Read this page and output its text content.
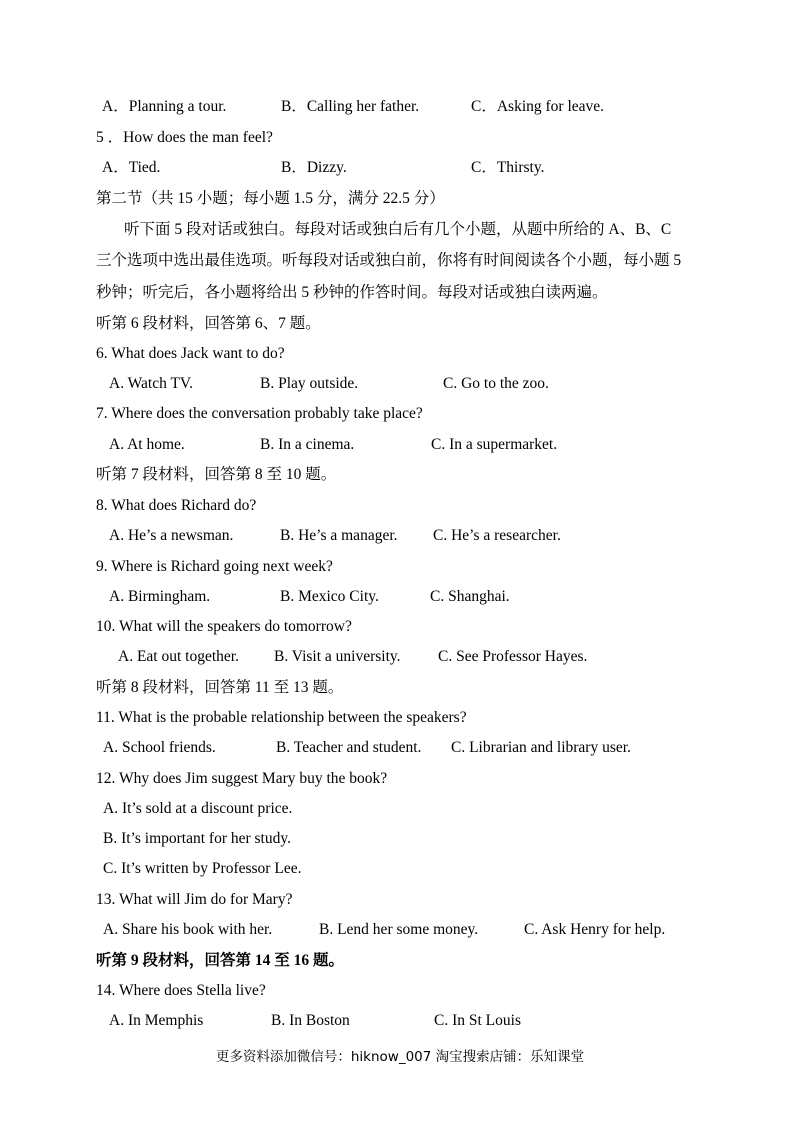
A．Planning a tour.	B．Calling her father.	C．Asking for leave.
5 ．How does the man feel?
A．Tied.	B．Dizzy.	C．Thirsty.
第二节（共 15 小题；每小题 1.5 分，满分 22.5 分）
听下面 5 段对话或独白。每段对话或独白后有几个小题，从题中所给的 A、B、C
三个选项中选出最佳选项。听每段对话或独白前，你将有时间阅读各个小题，每小题 5
秒钟；听完后，各小题将给出 5 秒钟的作答时间。每段对话或独白读两遍。
听第 6 段材料，回答第 6、7 题。
6. What does Jack want to do?
A. Watch TV.	B. Play outside.	C. Go to the zoo.
7. Where does the conversation probably take place?
A. At home.	B. In a cinema.	C. In a supermarket.
听第 7 段材料，回答第 8 至 10 题。
8. What does Richard do?
A. He’s a newsman.	B. He’s a manager. C. He’s a researcher.
9. Where is Richard going next week?
A. Birmingham.	B. Mexico City.	C. Shanghai.
10. What will the speakers do tomorrow?
A. Eat out together. B. Visit a university. C. See Professor Hayes.
听第 8 段材料，回答第 11 至 13 题。
11. What is the probable relationship between the speakers?
A. School friends.	B. Teacher and student. C. Librarian and library user.
12. Why does Jim suggest Mary buy the book?
A. It’s sold at a discount price.
B. It’s important for her study.
C. It’s written by Professor Lee.
13. What will Jim do for Mary?
A. Share his book with her.	B. Lend her some money.	C. Ask Henry for help.
听第 9 段材料，回答第 14 至 16 题。
14. Where does Stella live?
A. In Memphis	B. In Boston	C. In St Louis
更多资料添加微信号：hiknow_007 淘宝搜索店铺：乐知课堂
